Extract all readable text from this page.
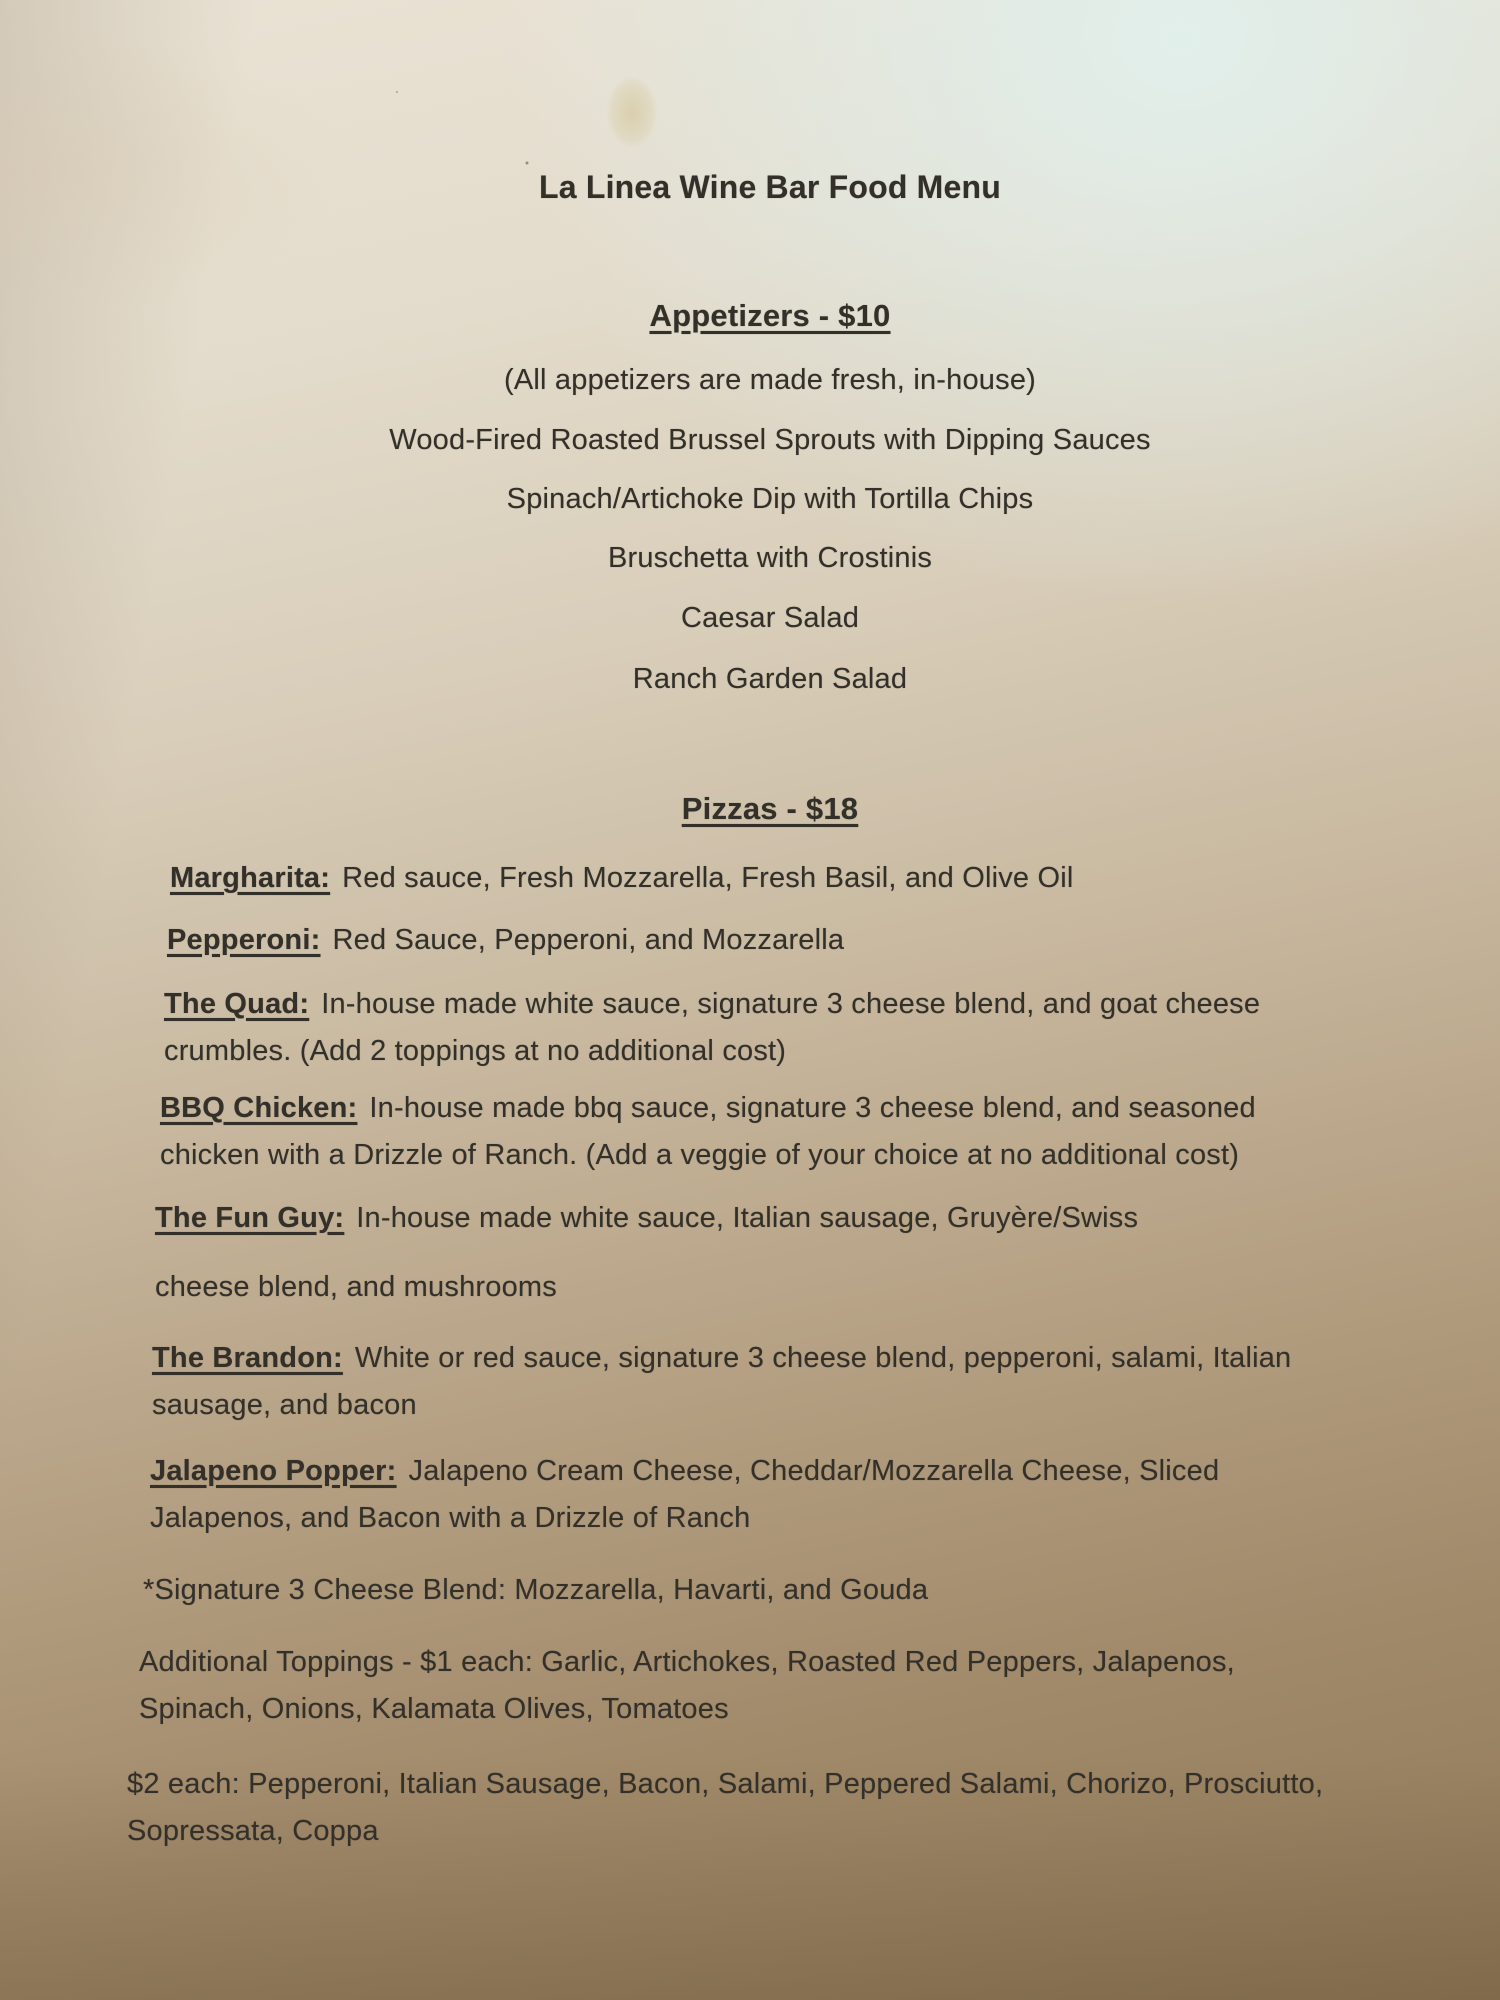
La Linea Wine Bar Food Menu
Appetizers - $10
(All appetizers are made fresh, in-house)
Wood-Fired Roasted Brussel Sprouts with Dipping Sauces
Spinach/Artichoke Dip with Tortilla Chips
Bruschetta with Crostinis
Caesar Salad
Ranch Garden Salad
Pizzas - $18
Margharita: Red sauce, Fresh Mozzarella, Fresh Basil, and Olive Oil
Pepperoni: Red Sauce, Pepperoni, and Mozzarella
The Quad: In-house made white sauce, signature 3 cheese blend, and goat cheese
crumbles. (Add 2 toppings at no additional cost)
BBQ Chicken: In-house made bbq sauce, signature 3 cheese blend, and seasoned
chicken with a Drizzle of Ranch. (Add a veggie of your choice at no additional cost)
The Fun Guy: In-house made white sauce, Italian sausage, Gruyère/Swiss
cheese blend, and mushrooms
The Brandon: White or red sauce, signature 3 cheese blend, pepperoni, salami, Italian
sausage, and bacon
Jalapeno Popper: Jalapeno Cream Cheese, Cheddar/Mozzarella Cheese, Sliced
Jalapenos, and Bacon with a Drizzle of Ranch
*Signature 3 Cheese Blend: Mozzarella, Havarti, and Gouda
Additional Toppings - $1 each: Garlic, Artichokes, Roasted Red Peppers, Jalapenos,
Spinach, Onions, Kalamata Olives, Tomatoes
$2 each: Pepperoni, Italian Sausage, Bacon, Salami, Peppered Salami, Chorizo, Prosciutto,
Sopressata, Coppa
